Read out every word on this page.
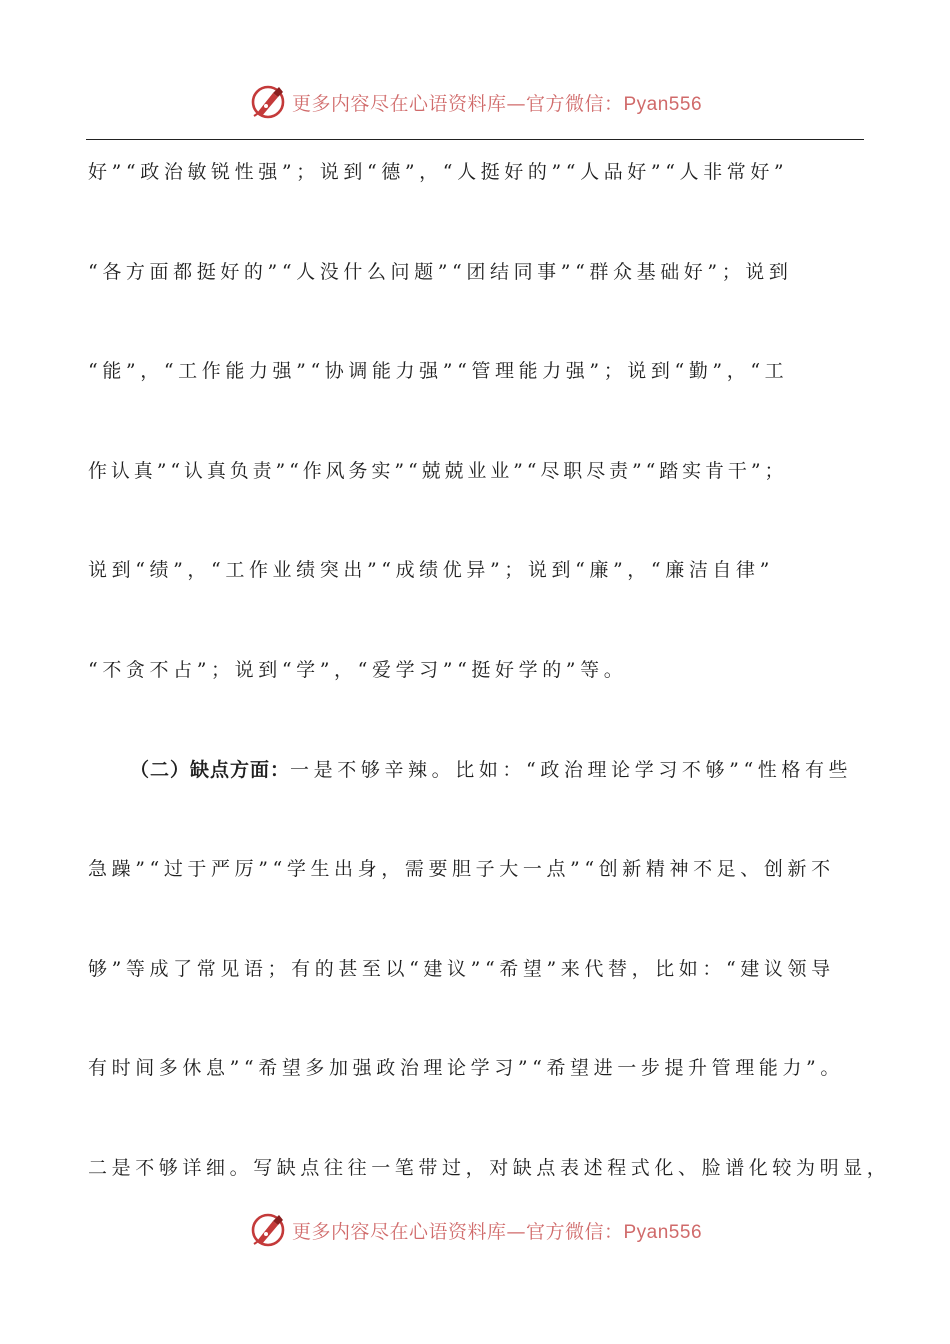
更多内容尽在心语资料库—官方微信：Pyan556
好”“政治敏锐性强”；说到“德”，“人挺好的”“人品好”“人非常好”
“各方面都挺好的”“人没什么问题”“团结同事”“群众基础好”；说到
“能”，“工作能力强”“协调能力强”“管理能力强”；说到“勤”，“工
作认真”“认真负责”“作风务实”“兢兢业业”“尽职尽责”“踏实肯干”；
说到“绩”，“工作业绩突出”“成绩优异”；说到“廉”，“廉洁自律”
“不贪不占”；说到“学”，“爱学习”“挺好学的”等。
（二）缺点方面：一是不够辛辣。比如：“政治理论学习不够”“性格有些
急躁”“过于严厉”“学生出身，需要胆子大一点”“创新精神不足、创新不
够”等成了常见语；有的甚至以“建议”“希望”来代替，比如：“建议领导
有时间多休息”“希望多加强政治理论学习”“希望进一步提升管理能力”。
二是不够详细。写缺点往往一笔带过，对缺点表述程式化、脸谱化较为明显，
更多内容尽在心语资料库—官方微信：Pyan556
